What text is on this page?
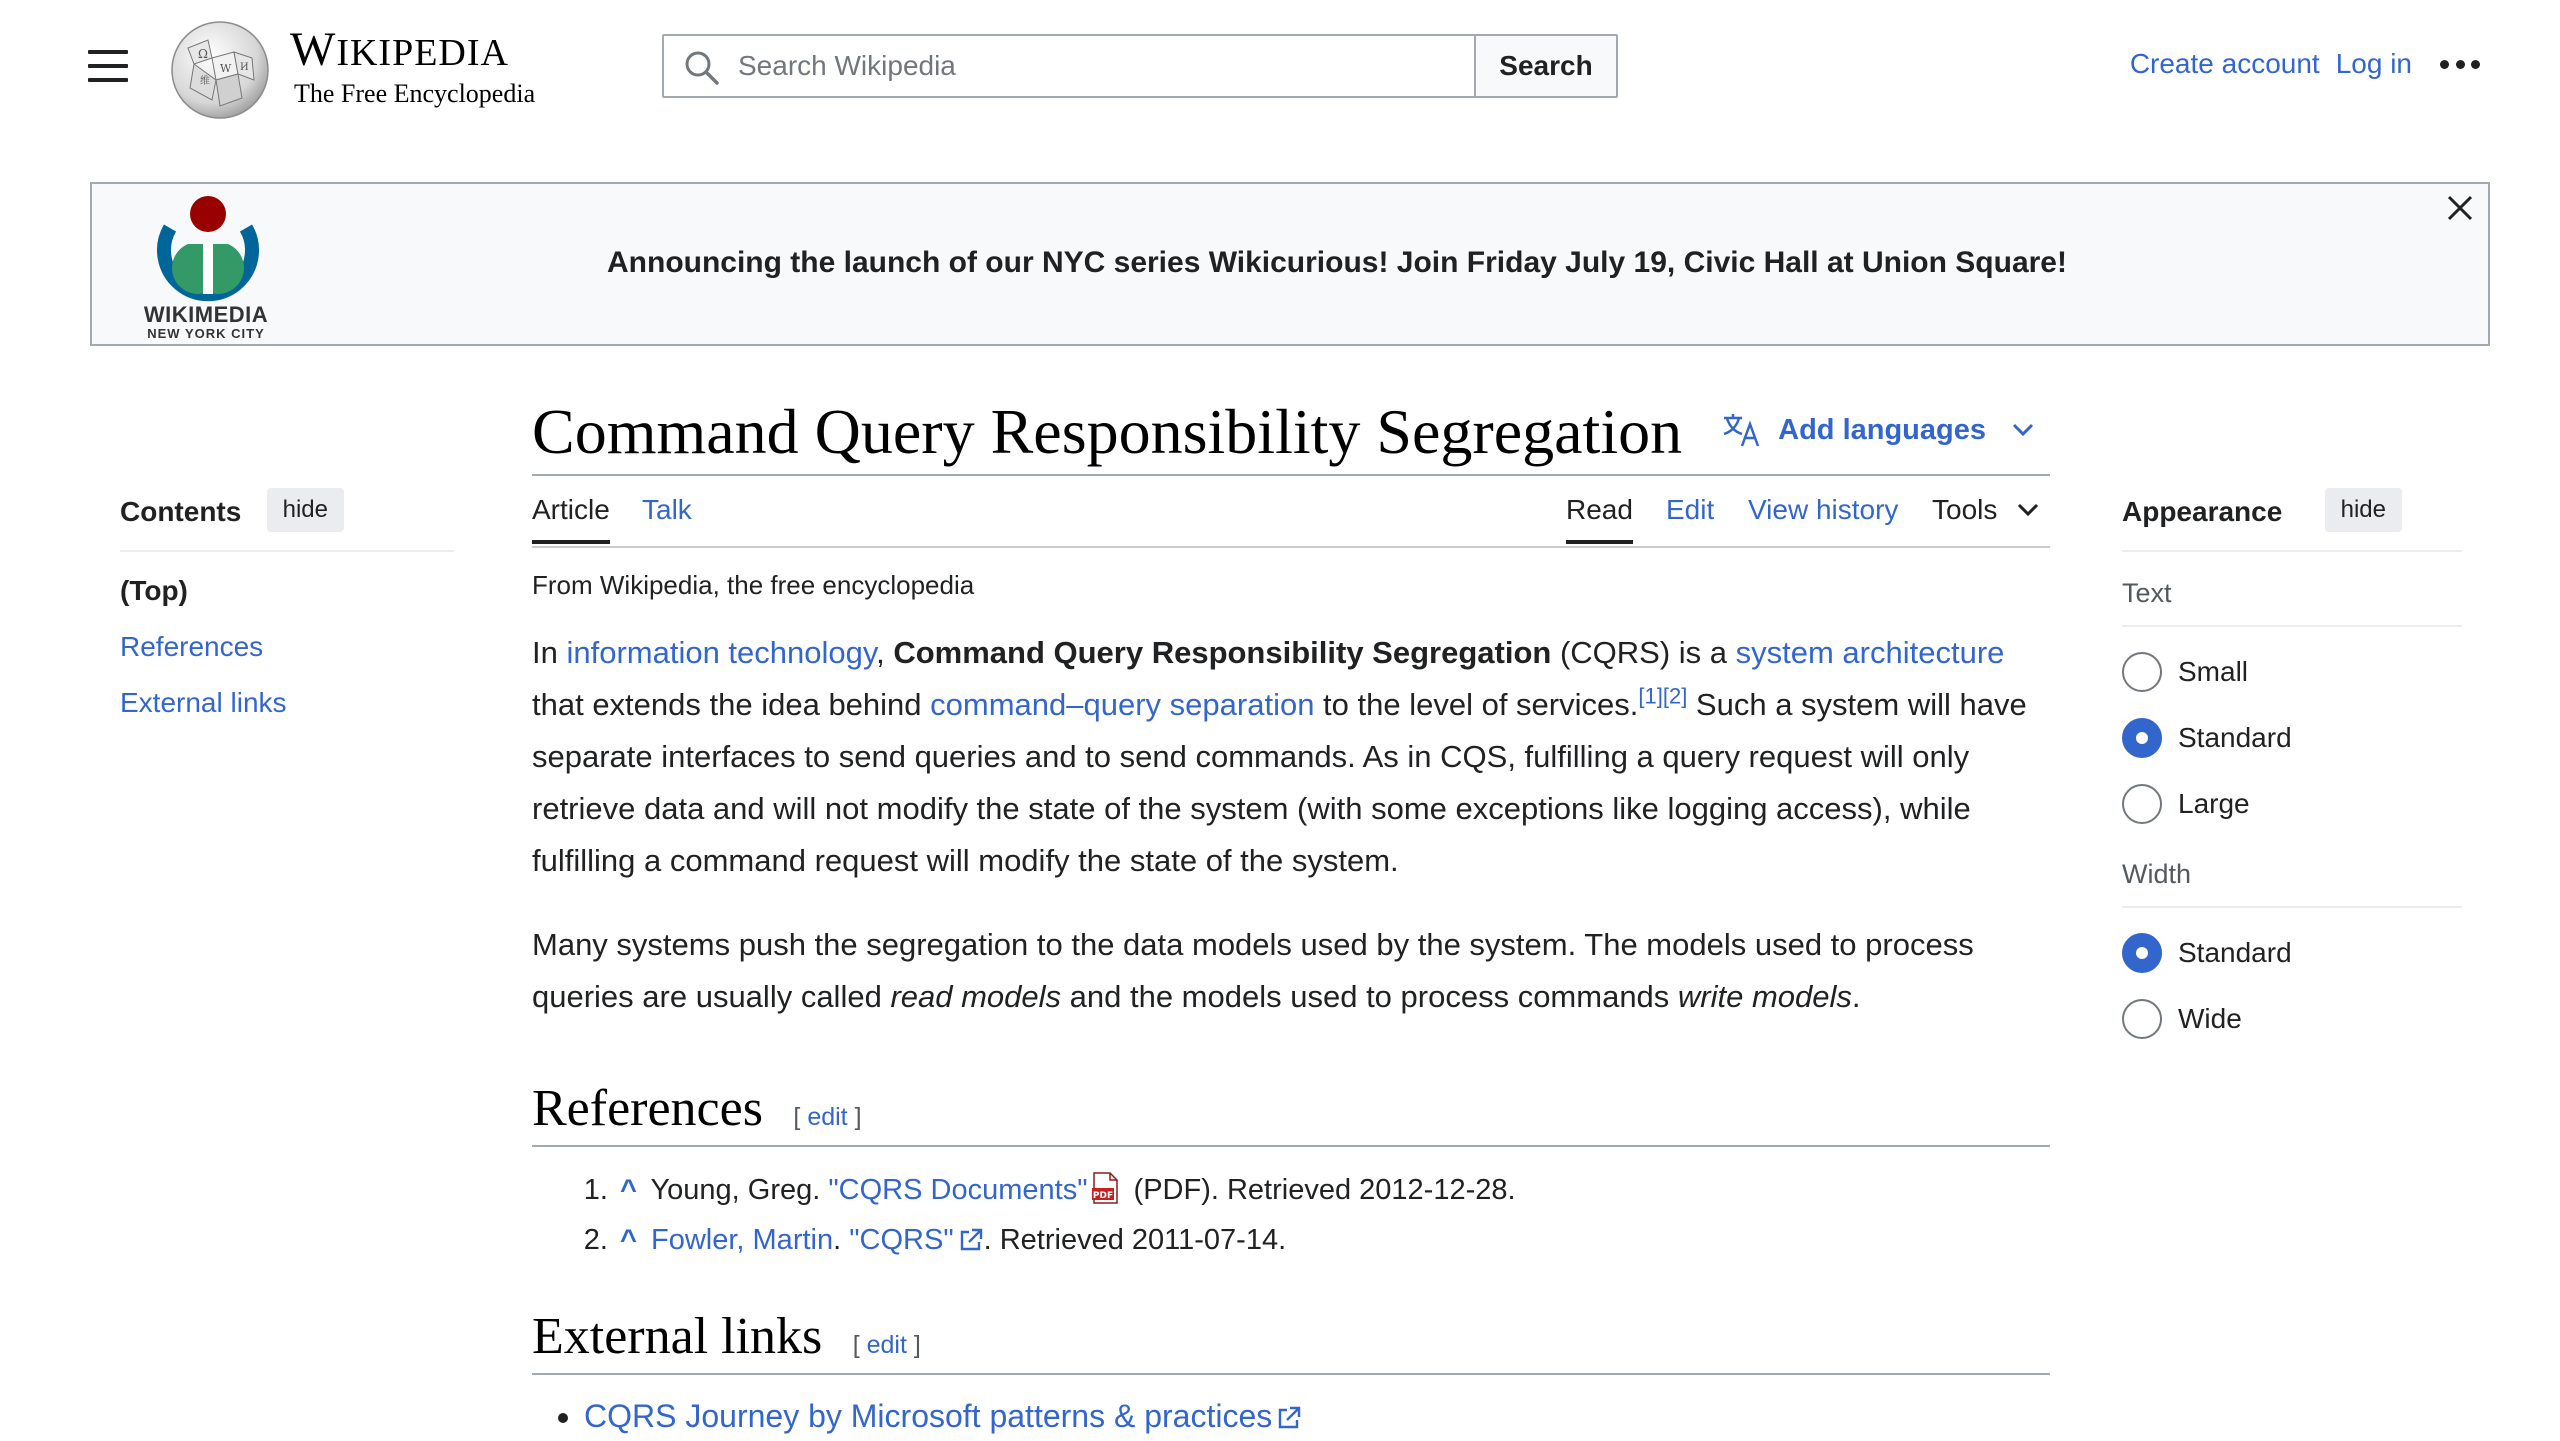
Ω
W
维
И WIKIPEDIA
The Free Encyclopedia
Search Wikipedia
Search	Create account Log in
WIKIMEDIA
NEW YORK CITY
Announcing the launch of our NYC series Wikicurious! Join Friday July 19, Civic Hall at Union Square!
Contents	hide
(Top)
References
External links
Command Query Responsibility Segregation	Add languages
Article Talk	Read Edit View history Tools
From Wikipedia, the free encyclopedia

In information technology, Command Query Responsibility Segregation (CQRS) is a system architecture that extends the idea behind command–query separation to the level of services.[1][2] Such a system will have separate interfaces to send queries and to send commands. As in CQS, fulfilling a query request will only retrieve data and will not modify the state of the system (with some exceptions like logging access), while fulfilling a command request will modify the state of the system.

Many systems push the segregation to the data models used by the system. The models used to process queries are usually called read models and the models used to process commands write models.

References [ edit ]
1. ^ Young, Greg. "CQRS Documents" PDF (PDF). Retrieved 2012-12-28.
2. ^ Fowler, Martin. "CQRS" . Retrieved 2011-07-14.
External links [ edit ]
• CQRS Journey by Microsoft patterns & practices
Appearance	hide
Text
Small
Standard
Large
Width
Standard
Wide
